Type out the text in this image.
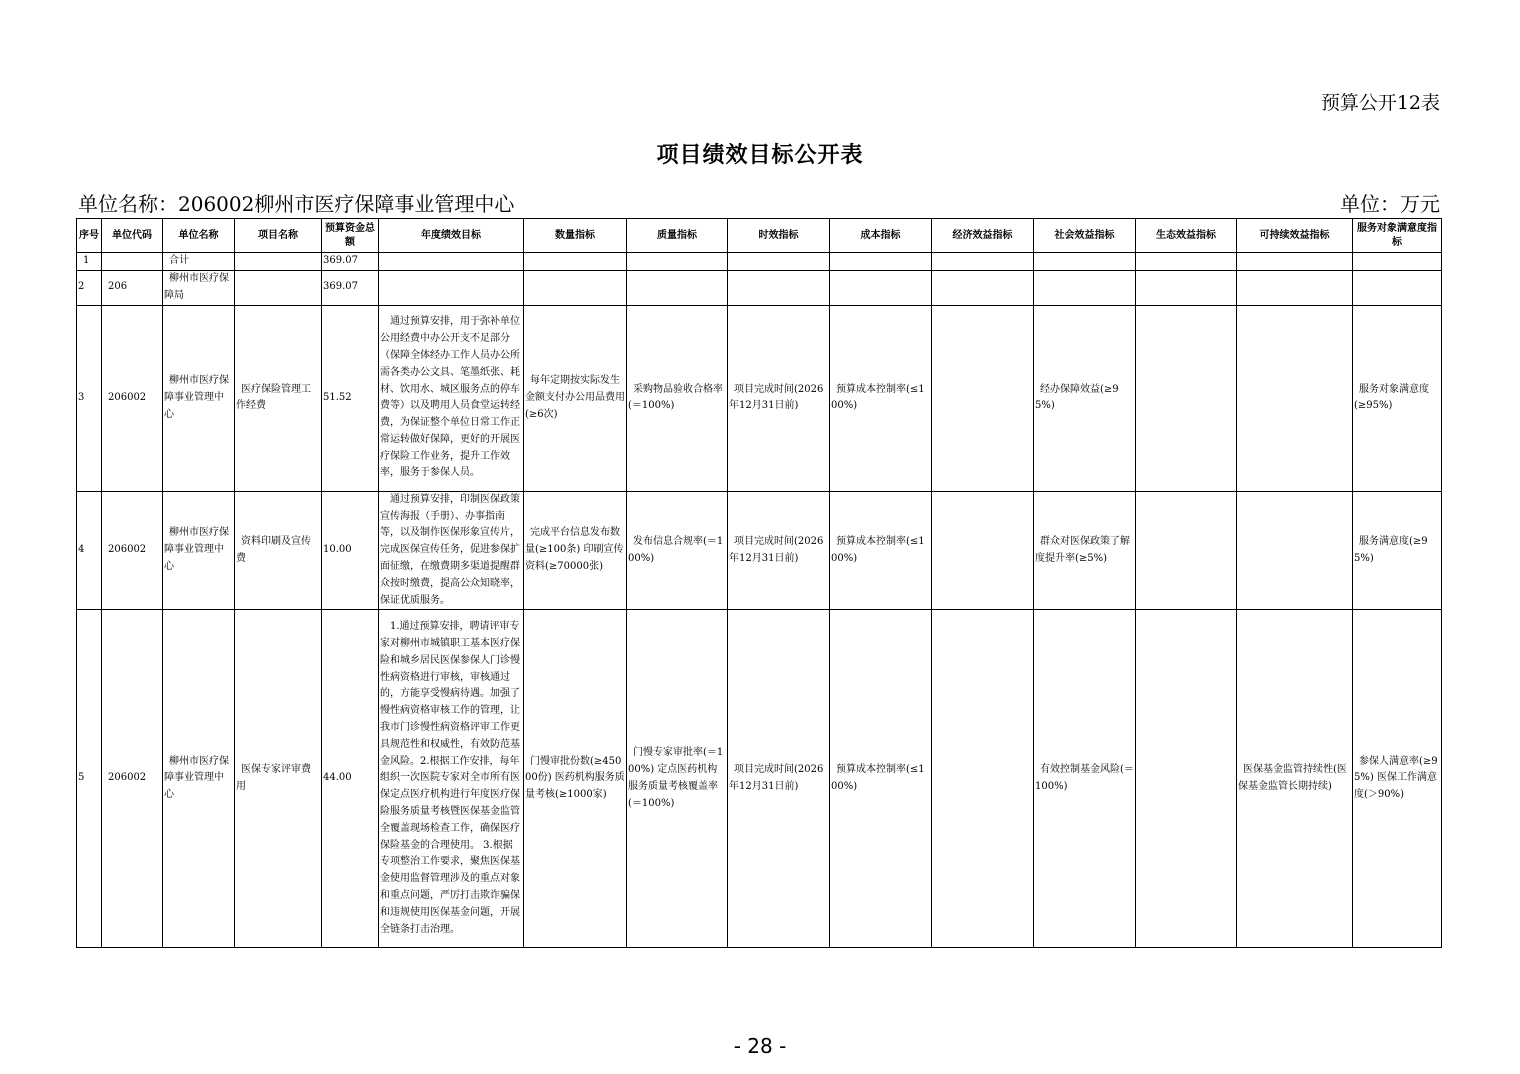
预算公开12表
项目绩效目标公开表
单位名称：206002柳州市医疗保障事业管理中心	单位：万元
序号	单位代码	单位名称	项目名称	预算资金总额	年度绩效目标	数量指标	质量指标	时效指标	成本指标	经济效益指标	社会效益指标	生态效益指标	可持续效益指标	服务对象满意度指标
1		合计		369.07										
2	206	柳州市医疗保障局		369.07										
3	206002	柳州市医疗保障事业管理中心	医疗保险管理工作经费	51.52	通过预算安排，用于弥补单位公用经费中办公开支不足部分（保障全体经办工作人员办公所需各类办公文具、笔墨纸张、耗材、饮用水、城区服务点的停车费等）以及聘用人员食堂运转经费，为保证整个单位日常工作正常运转做好保障，更好的开展医疗保险工作业务，提升工作效率，服务于参保人员。	每年定期按实际发生金额支付办公用品费用(≥6次)	采购物品验收合格率(＝100%)	项目完成时间(2026年12月31日前)	预算成本控制率(≤100%)		经办保障效益(≥95%)			服务对象满意度(≥95%)
4	206002	柳州市医疗保障事业管理中心	资料印刷及宣传费	10.00	通过预算安排，印制医保政策宣传海报（手册）、办事指南等，以及制作医保形象宣传片，完成医保宣传任务，促进参保扩面征缴，在缴费期多渠道提醒群众按时缴费，提高公众知晓率，保证优质服务。	完成平台信息发布数量(≥100条) 印刷宣传资料(≥70000张)	发布信息合规率(＝100%)	项目完成时间(2026年12月31日前)	预算成本控制率(≤100%)		群众对医保政策了解度提升率(≥5%)			服务满意度(≥95%)
5	206002	柳州市医疗保障事业管理中心	医保专家评审费用	44.00	1.通过预算安排，聘请评审专家对柳州市城镇职工基本医疗保险和城乡居民医保参保人门诊慢性病资格进行审核，审核通过的，方能享受慢病待遇。加强了慢性病资格审核工作的管理，让我市门诊慢性病资格评审工作更具规范性和权威性，有效防范基金风险。2.根据工作安排，每年组织一次医院专家对全市所有医保定点医疗机构进行年度医疗保险服务质量考核暨医保基金监管全覆盖现场检查工作，确保医疗保险基金的合理使用。 3.根据专项整治工作要求，聚焦医保基金使用监督管理涉及的重点对象和重点问题，严厉打击欺诈骗保和违规使用医保基金问题，开展全链条打击治理。	门慢审批份数(≥45000份) 医药机构服务质量考核(≥1000家)	门慢专家审批率(＝100%) 定点医药机构服务质量考核覆盖率(＝100%)	项目完成时间(2026年12月31日前)	预算成本控制率(≤100%)		有效控制基金风险(＝100%)		医保基金监管持续性(医保基金监管长期持续)	参保人满意率(≥95%) 医保工作满意度(＞90%)
- 28 -
